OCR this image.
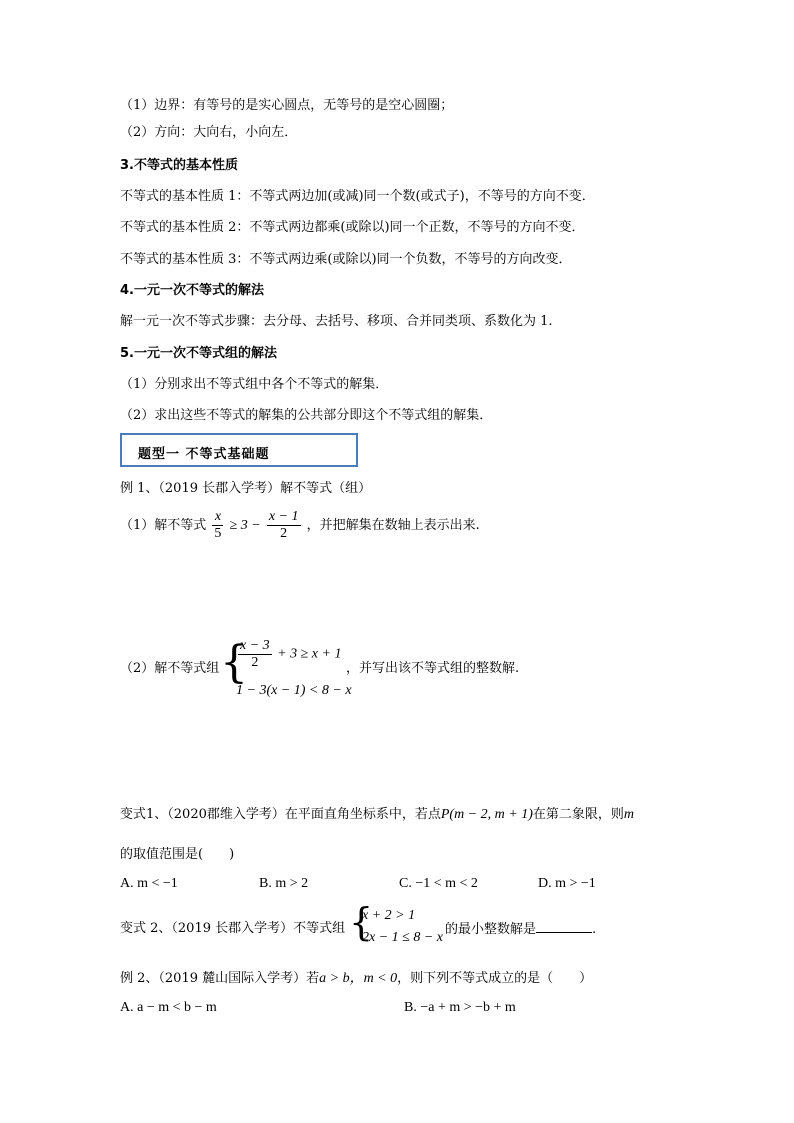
（1）边界：有等号的是实心圆点，无等号的是空心圆圈；
（2）方向：大向右，小向左．
3.不等式的基本性质
不等式的基本性质 1：不等式两边加(或减)同一个数(或式子)，不等号的方向不变．
不等式的基本性质 2：不等式两边都乘(或除以)同一个正数，不等号的方向不变．
不等式的基本性质 3：不等式两边乘(或除以)同一个负数，不等号的方向改变．
4.一元一次不等式的解法
解一元一次不等式步骤：去分母、去括号、移项、合并同类项、系数化为 1.
5.一元一次不等式组的解法
（1）分别求出不等式组中各个不等式的解集．
（2）求出这些不等式的解集的公共部分即这个不等式组的解集．
题型一 不等式基础题
例 1、（2019 长郡入学考）解不等式（组）
（1）解不等式 $\frac{x}{5} \ge 3 - \frac{x - 1}{2}$ ，并把解集在数轴上表示出来.
（2）解不等式组 {
$\frac{x - 3}{2} + 3 \ge x + 1$
1 − 3(x − 1) < 8 − x
，并写出该不等式组的整数解.
变式1、（2020郡维入学考）在平面直角坐标系中，若点P(m − 2, m + 1)在第二象限，则m
的取值范围是(　　)
A. m < −1	B. m > 2	C. −1 < m < 2	D. m > −1
变式 2、（2019 长郡入学考）不等式组 {
x + 2 > 1
2x − 1 ≤ 8 − x
的最小整数解是	.
例 2、（2019 麓山国际入学考）若a > b，m < 0，则下列不等式成立的是（　　）
A. a − m < b − m	B. −a + m > −b + m
